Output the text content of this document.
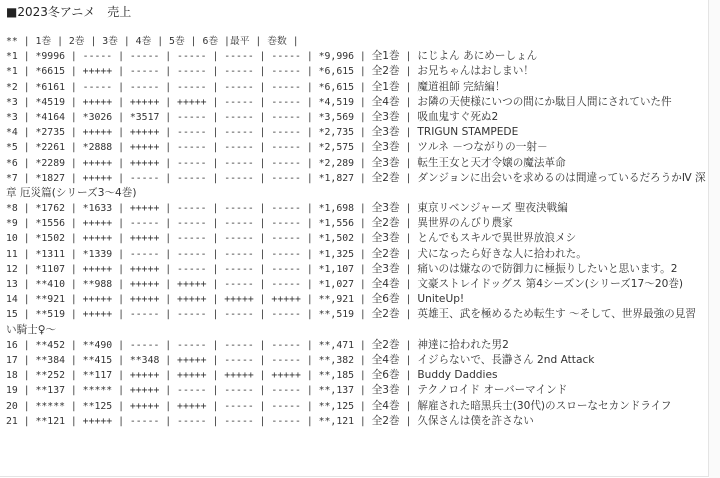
■2023冬アニメ　売上
** | 1巻 | 2巻 | 3巻 | 4巻 | 5巻 | 6巻 |最平 | 巻数 |
*1 | *9996 | ----- | ----- | ----- | ----- | ----- | *9,996 | 全1巻 | にじよん あにめーしょん
*1 | *6615 | +++++ | ----- | ----- | ----- | ----- | *6,615 | 全2巻 | お兄ちゃんはおしまい！
*2 | *6161 | ----- | ----- | ----- | ----- | ----- | *6,615 | 全1巻 | 魔道祖師 完結編！
*3 | *4519 | +++++ | +++++ | +++++ | ----- | ----- | *4,519 | 全4巻 | お隣の天使様にいつの間にか駄目人間にされていた件
*3 | *4164 | *3026 | *3517 | ----- | ----- | ----- | *3,569 | 全3巻 | 吸血鬼すぐ死ぬ2
*4 | *2735 | +++++ | +++++ | ----- | ----- | ----- | *2,735 | 全3巻 | TRIGUN STAMPEDE
*5 | *2261 | *2888 | +++++ | ----- | ----- | ----- | *2,575 | 全3巻 | ツルネ －つながりの一射－
*6 | *2289 | +++++ | +++++ | ----- | ----- | ----- | *2,289 | 全3巻 | 転生王女と天才令嬢の魔法革命
*7 | *1827 | +++++ | ----- | ----- | ----- | ----- | *1,827 | 全2巻 | ダンジョンに出会いを求めるのは間違っているだろうかⅣ 深章 厄災篇(シリーズ3～4巻)
*8 | *1762 | *1633 | +++++ | ----- | ----- | ----- | *1,698 | 全3巻 | 東京リベンジャーズ 聖夜決戦編
*9 | *1556 | +++++ | ----- | ----- | ----- | ----- | *1,556 | 全2巻 | 異世界のんびり農家
10 | *1502 | +++++ | +++++ | ----- | ----- | ----- | *1,502 | 全3巻 | とんでもスキルで異世界放浪メシ
11 | *1311 | *1339 | ----- | ----- | ----- | ----- | *1,325 | 全2巻 | 犬になったら好きな人に拾われた。
12 | *1107 | +++++ | +++++ | ----- | ----- | ----- | *1,107 | 全3巻 | 痛いのは嫌なので防御力に極振りしたいと思います。2
13 | **410 | **988 | +++++ | +++++ | ----- | ----- | *1,027 | 全4巻 | 文豪ストレイドッグス 第4シーズン(シリーズ17～20巻)
14 | **921 | +++++ | +++++ | +++++ | +++++ | +++++ | **,921 | 全6巻 | UniteUp!
15 | **519 | +++++ | ----- | ----- | ----- | ----- | **,519 | 全2巻 | 英雄王、武を極めるため転生す ～そして、世界最強の見習い騎士♀～
16 | **452 | **490 | ----- | ----- | ----- | ----- | **,471 | 全2巻 | 神達に拾われた男2
17 | **384 | **415 | **348 | +++++ | ----- | ----- | **,382 | 全4巻 | イジらないで、長瀞さん 2nd Attack
18 | **252 | **117 | +++++ | +++++ | +++++ | +++++ | **,185 | 全6巻 | Buddy Daddies
19 | **137 | ***** | +++++ | ----- | ----- | ----- | **,137 | 全3巻 | テクノロイド オーバーマインド
20 | ***** | **125 | +++++ | +++++ | ----- | ----- | **,125 | 全4巻 | 解雇された暗黒兵士(30代)のスローなセカンドライフ
21 | **121 | +++++ | ----- | ----- | ----- | ----- | **,121 | 全2巻 | 久保さんは僕を許さない
